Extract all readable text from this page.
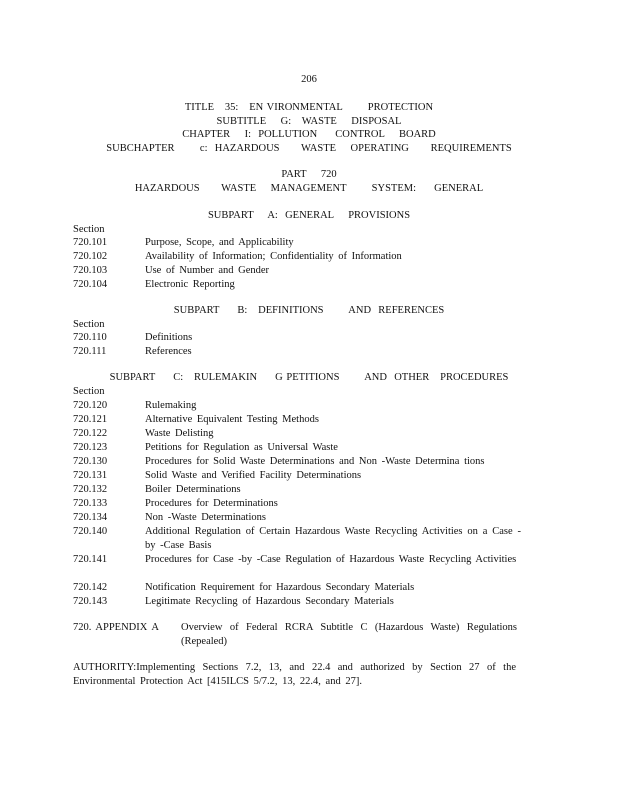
206
TITLE   35:   EN VIRONMENTAL       PROTECTION
SUBTITLE    G:   WASTE    DISPOSAL
CHAPTER    I:  POLLUTION     CONTROL    BOARD
SUBCHAPTER       c:  HAZARDOUS      WASTE    OPERATING      REQUIREMENTS
PART    720
HAZARDOUS      WASTE    MANAGEMENT       SYSTEM:     GENERAL
SUBPART    A:  GENERAL    PROVISIONS
Section
720.101	Purpose, Scope, and Applicability
720.102	Availability of Information; Confidentiality of Information
720.103	Use of Number and Gender
720.104	Electronic Reporting
SUBPART     B:   DEFINITIONS       AND  REFERENCES
Section
720.110	Definitions
720.111	References
SUBPART     C:   RULEMAKIN     G PETITIONS       AND  OTHER   PROCEDURES
Section
720.120	Rulemaking
720.121	Alternative Equivalent Testing Methods
720.122	Waste Delisting
720.123	Petitions for Regulation as Universal Waste
720.130	Procedures for Solid Waste Determinations and Non -Waste Determina tions
720.131	Solid Waste and Verified Facility Determinations
720.132	Boiler Determinations
720.133	Procedures for Determinations
720.134	Non -Waste Determinations
720.140	Additional Regulation of Certain Hazardous Waste Recycling Activities on a Case -by -Case Basis
720.141	Procedures for Case -by -Case Regulation of Hazardous Waste Recycling Activities
720.142	Notification Requirement for Hazardous Secondary Materials
720.143	Legitimate Recycling of Hazardous Secondary Materials
720. APPENDIX A Overview of Federal RCRA Subtitle C (Hazardous Waste) Regulations (Repealed)
AUTHORITY:Implementing Sections 7.2, 13, and 22.4 and authorized by Section 27 of the Environmental Protection Act [415ILCS 5/7.2, 13, 22.4, and 27].
